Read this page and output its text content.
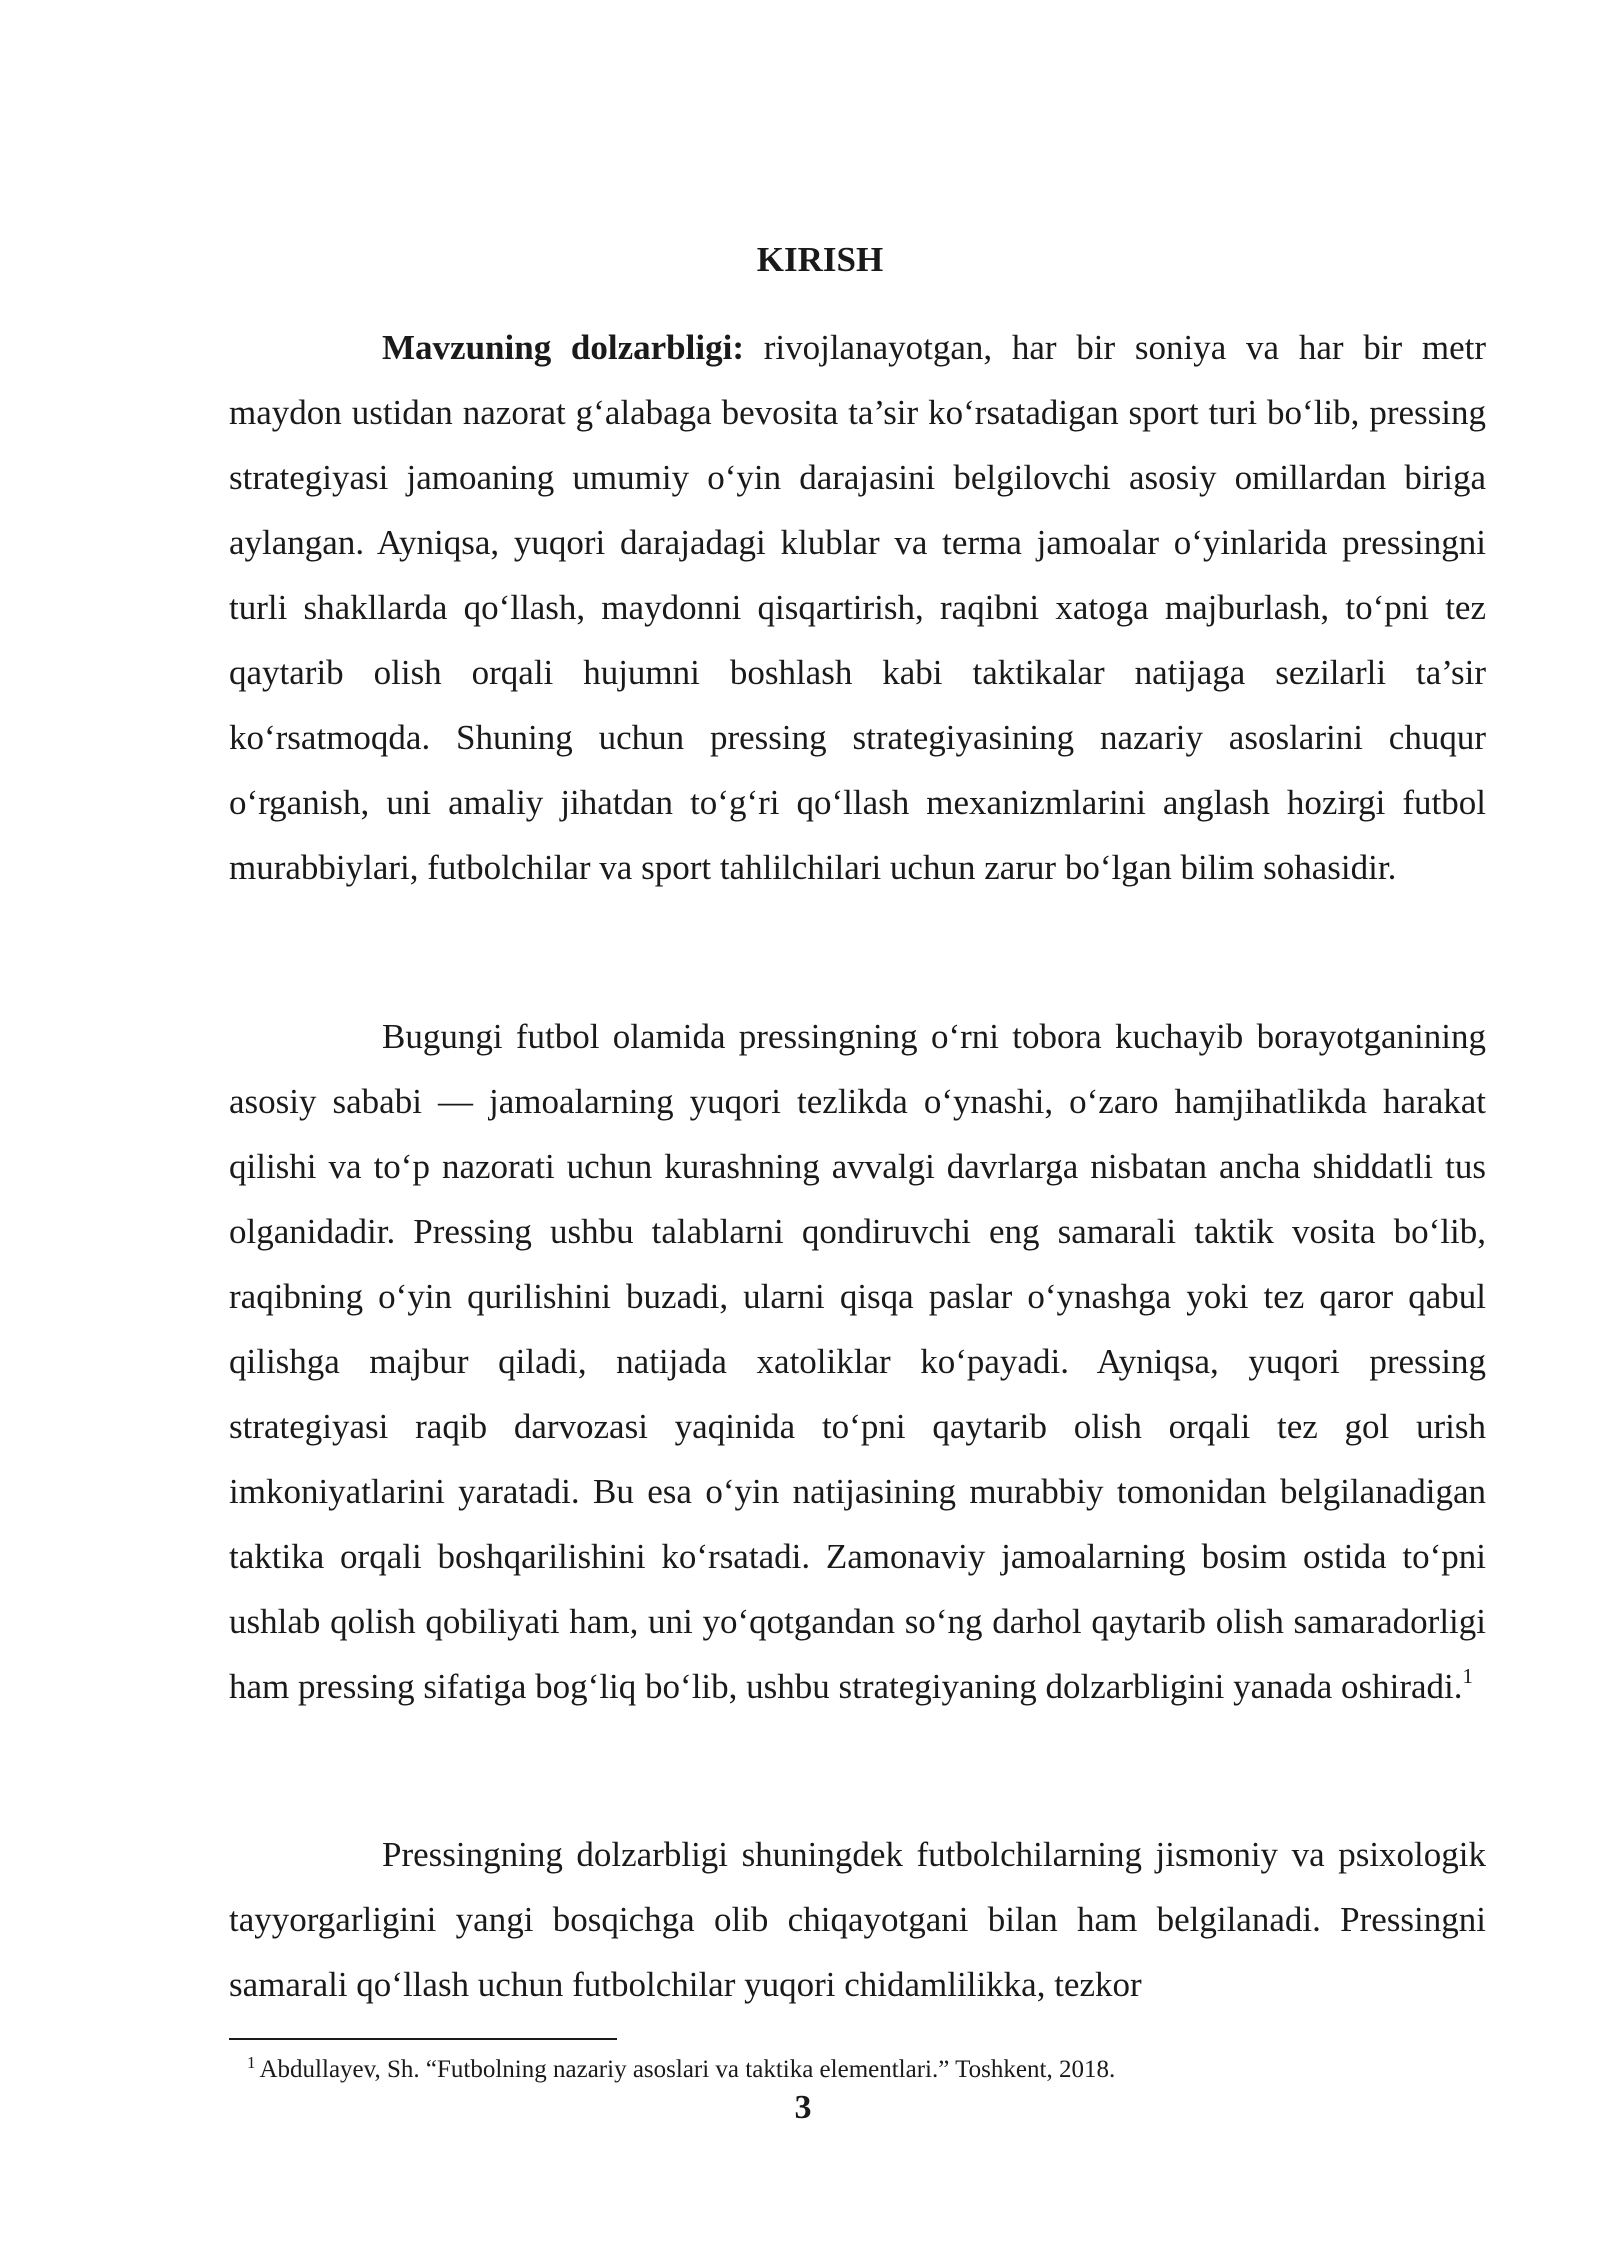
KIRISH

Mavzuning dolzarbligi: rivojlanayotgan, har bir soniya va har bir metr maydon ustidan nazorat g‘alabaga bevosita ta’sir ko‘rsatadigan sport turi bo‘lib, pressing strategiyasi jamoaning umumiy o‘yin darajasini belgilovchi asosiy omillardan biriga aylangan. Ayniqsa, yuqori darajadagi klublar va terma jamoalar o‘yinlarida pressingni turli shakllarda qo‘llash, maydonni qisqartirish, raqibni xatoga majburlash, to‘pni tez qaytarib olish orqali hujumni boshlash kabi taktikalar natijaga sezilarli ta’sir ko‘rsatmoqda. Shuning uchun pressing strategiyasining nazariy asoslarini chuqur o‘rganish, uni amaliy jihatdan to‘g‘ri qo‘llash mexanizmlarini anglash hozirgi futbol murabbiylari, futbolchilar va sport tahlilchilari uchun zarur bo‘lgan bilim sohasidir.

Bugungi futbol olamida pressingning o‘rni tobora kuchayib borayotganining asosiy sababi — jamoalarning yuqori tezlikda o‘ynashi, o‘zaro hamjihatlikda harakat qilishi va to‘p nazorati uchun kurashning avvalgi davrlarga nisbatan ancha shiddatli tus olganidadir. Pressing ushbu talablarni qondiruvchi eng samarali taktik vosita bo‘lib, raqibning o‘yin qurilishini buzadi, ularni qisqa paslar o‘ynashga yoki tez qaror qabul qilishga majbur qiladi, natijada xatoliklar ko‘payadi. Ayniqsa, yuqori pressing strategiyasi raqib darvozasi yaqinida to‘pni qaytarib olish orqali tez gol urish imkoniyatlarini yaratadi. Bu esa o‘yin natijasining murabbiy tomonidan belgilanadigan taktika orqali boshqarilishini ko‘rsatadi. Zamonaviy jamoalarning bosim ostida to‘pni ushlab qolish qobiliyati ham, uni yo‘qotgandan so‘ng darhol qaytarib olish samaradorligi ham pressing sifatiga bog‘liq bo‘lib, ushbu strategiyaning dolzarbligini yanada oshiradi.$^1$

Pressingning dolzarbligi shuningdek futbolchilarning jismoniy va psixologik tayyorgarligini yangi bosqichga olib chiqayotgani bilan ham belgilanadi. Pressingni samarali qo‘llash uchun futbolchilar yuqori chidamlilikka, tezkor

$^1$ Abdullayev, Sh. “Futbolning nazariy asoslari va taktika elementlari.” Toshkent, 2018.

3
